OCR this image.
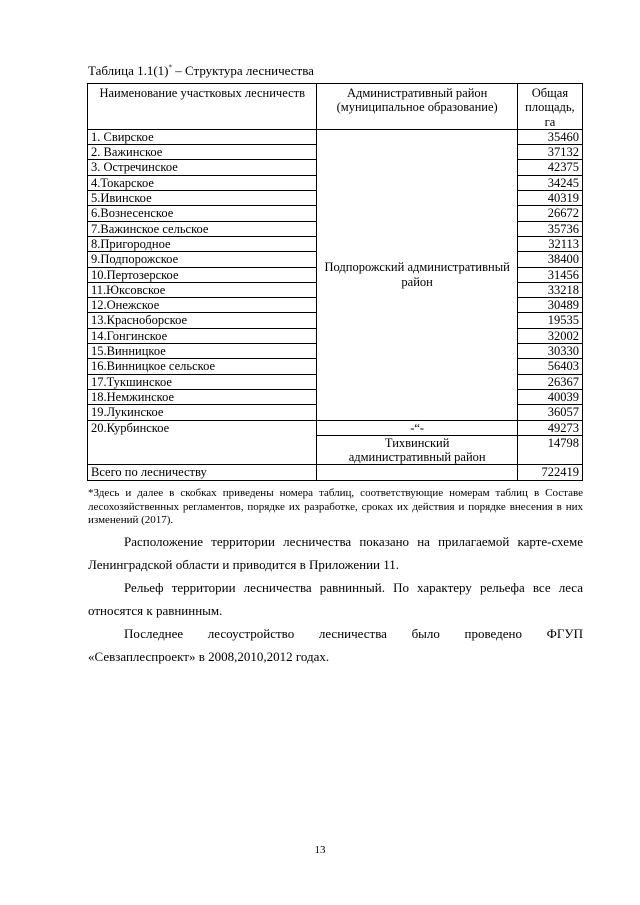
Таблица 1.1(1)* – Структура лесничества
Наименование участковых лесничеств	Административный район (муниципальное образование)	Общая площадь, га
1. Свирское	Подпорожский административный район	35460
2. Важинское		37132
3. Остречинское		42375
4.Токарское		34245
5.Ивинское		40319
6.Вознесенское		26672
7.Важинское сельское		35736
8.Пригородное		32113
9.Подпорожское		38400
10.Пертозерское		31456
11.Юксовское		33218
12.Онежское		30489
13.Красноборское		19535
14.Гонгинское		32002
15.Винницкое		30330
16.Винницкое сельское		56403
17.Тукшинское		26367
18.Немжинское		40039
19.Лукинское		36057
20.Курбинское	-“-	49273
	Тихвинский административный район	14798
Всего по лесничеству		722419
*Здесь и далее в скобках приведены номера таблиц, соответствующие номерам таблиц в Составе лесохозяйственных регламентов, порядке их разработке, сроках их действия и порядке внесения в них изменений (2017).
Расположение территории лесничества показано на прилагаемой карте-схеме Ленинградской области и приводится в Приложении 11.
Рельеф территории лесничества равнинный. По характеру рельефа все леса относятся к равнинным.
Последнее лесоустройство лесничества было проведено ФГУП «Севзаплеспроект» в 2008,2010,2012 годах.
13
